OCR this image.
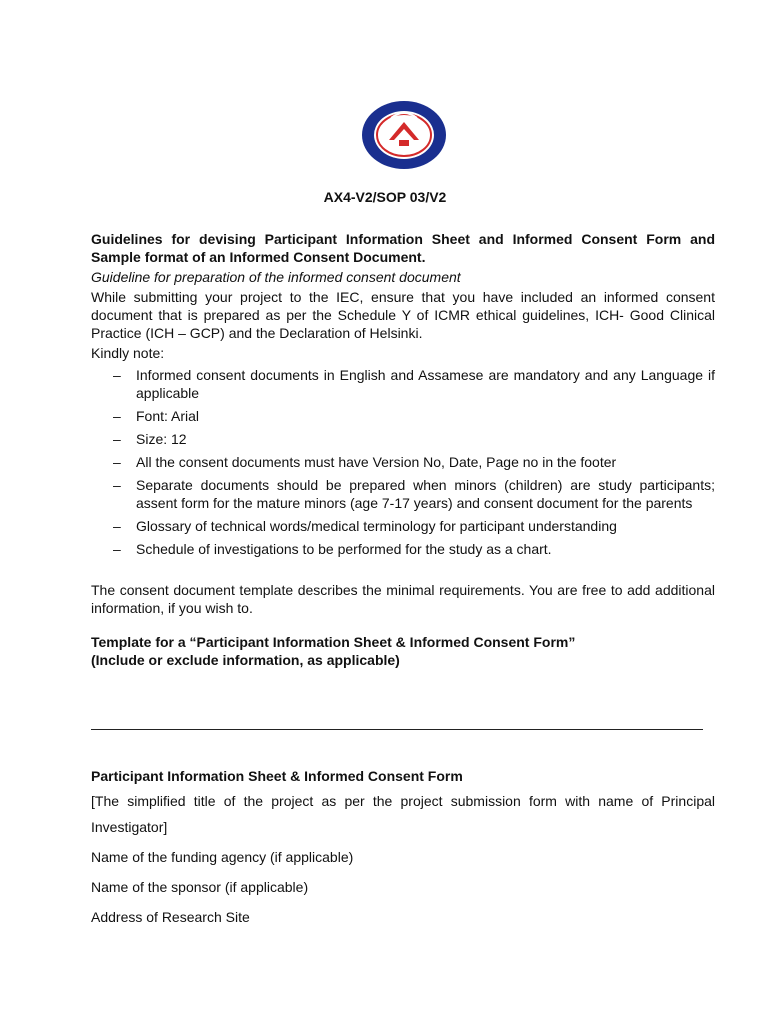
AX4-V2/SOP 03/V2

Guidelines for devising Participant Information Sheet and Informed Consent Form and Sample format of an Informed Consent Document.

Guideline for preparation of the informed consent document

While submitting your project to the IEC, ensure that you have included an informed consent document that is prepared as per the Schedule Y of ICMR ethical guidelines, ICH- Good Clinical Practice (ICH – GCP) and the Declaration of Helsinki.

Kindly note:

– Informed consent documents in English and Assamese are mandatory and any Language if applicable
– Font: Arial
– Size: 12
– All the consent documents must have Version No, Date, Page no in the footer
– Separate documents should be prepared when minors (children) are study participants; assent form for the mature minors (age 7-17 years) and consent document for the parents
– Glossary of technical words/medical terminology for participant understanding
– Schedule of investigations to be performed for the study as a chart.

The consent document template describes the minimal requirements. You are free to add additional information, if you wish to.

Template for a “Participant Information Sheet & Informed Consent Form”

(Include or exclude information, as applicable)

Participant Information Sheet & Informed Consent Form

[The simplified title of the project as per the project submission form with name of Principal Investigator]

Name of the funding agency (if applicable)

Name of the sponsor (if applicable)

Address of Research Site
